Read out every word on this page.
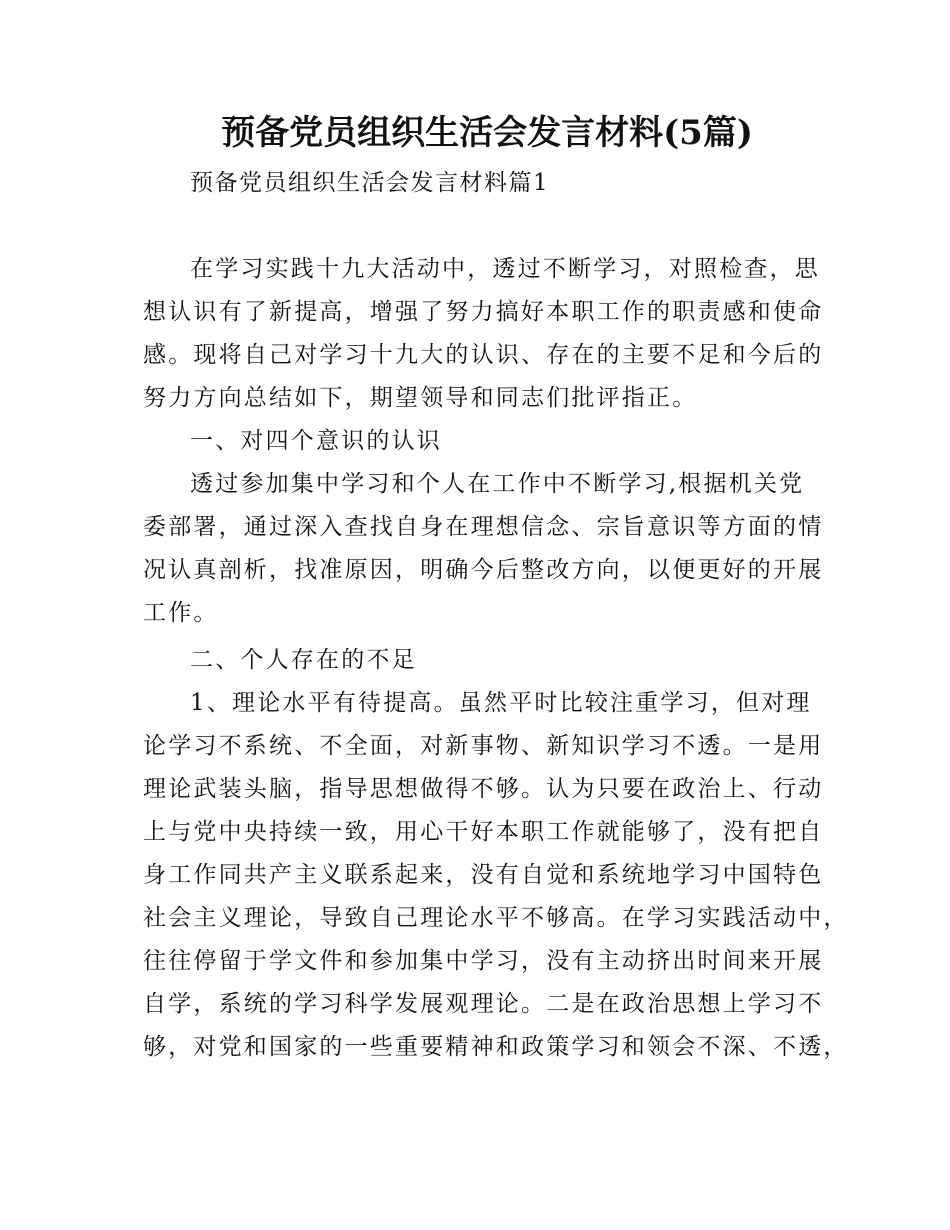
预备党员组织生活会发言材料(5篇)
预备党员组织生活会发言材料篇1
在学习实践十九大活动中，透过不断学习，对照检查，思
想认识有了新提高，增强了努力搞好本职工作的职责感和使命
感。现将自己对学习十九大的认识、存在的主要不足和今后的
努力方向总结如下，期望领导和同志们批评指正。
一、对四个意识的认识
透过参加集中学习和个人在工作中不断学习,根据机关党
委部署，通过深入查找自身在理想信念、宗旨意识等方面的情
况认真剖析，找准原因，明确今后整改方向，以便更好的开展
工作。
二、个人存在的不足
1、理论水平有待提高。虽然平时比较注重学习，但对理
论学习不系统、不全面，对新事物、新知识学习不透。一是用
理论武装头脑，指导思想做得不够。认为只要在政治上、行动
上与党中央持续一致，用心干好本职工作就能够了，没有把自
身工作同共产主义联系起来，没有自觉和系统地学习中国特色
社会主义理论，导致自己理论水平不够高。在学习实践活动中，
往往停留于学文件和参加集中学习，没有主动挤出时间来开展
自学，系统的学习科学发展观理论。二是在政治思想上学习不
够，对党和国家的一些重要精神和政策学习和领会不深、不透，
